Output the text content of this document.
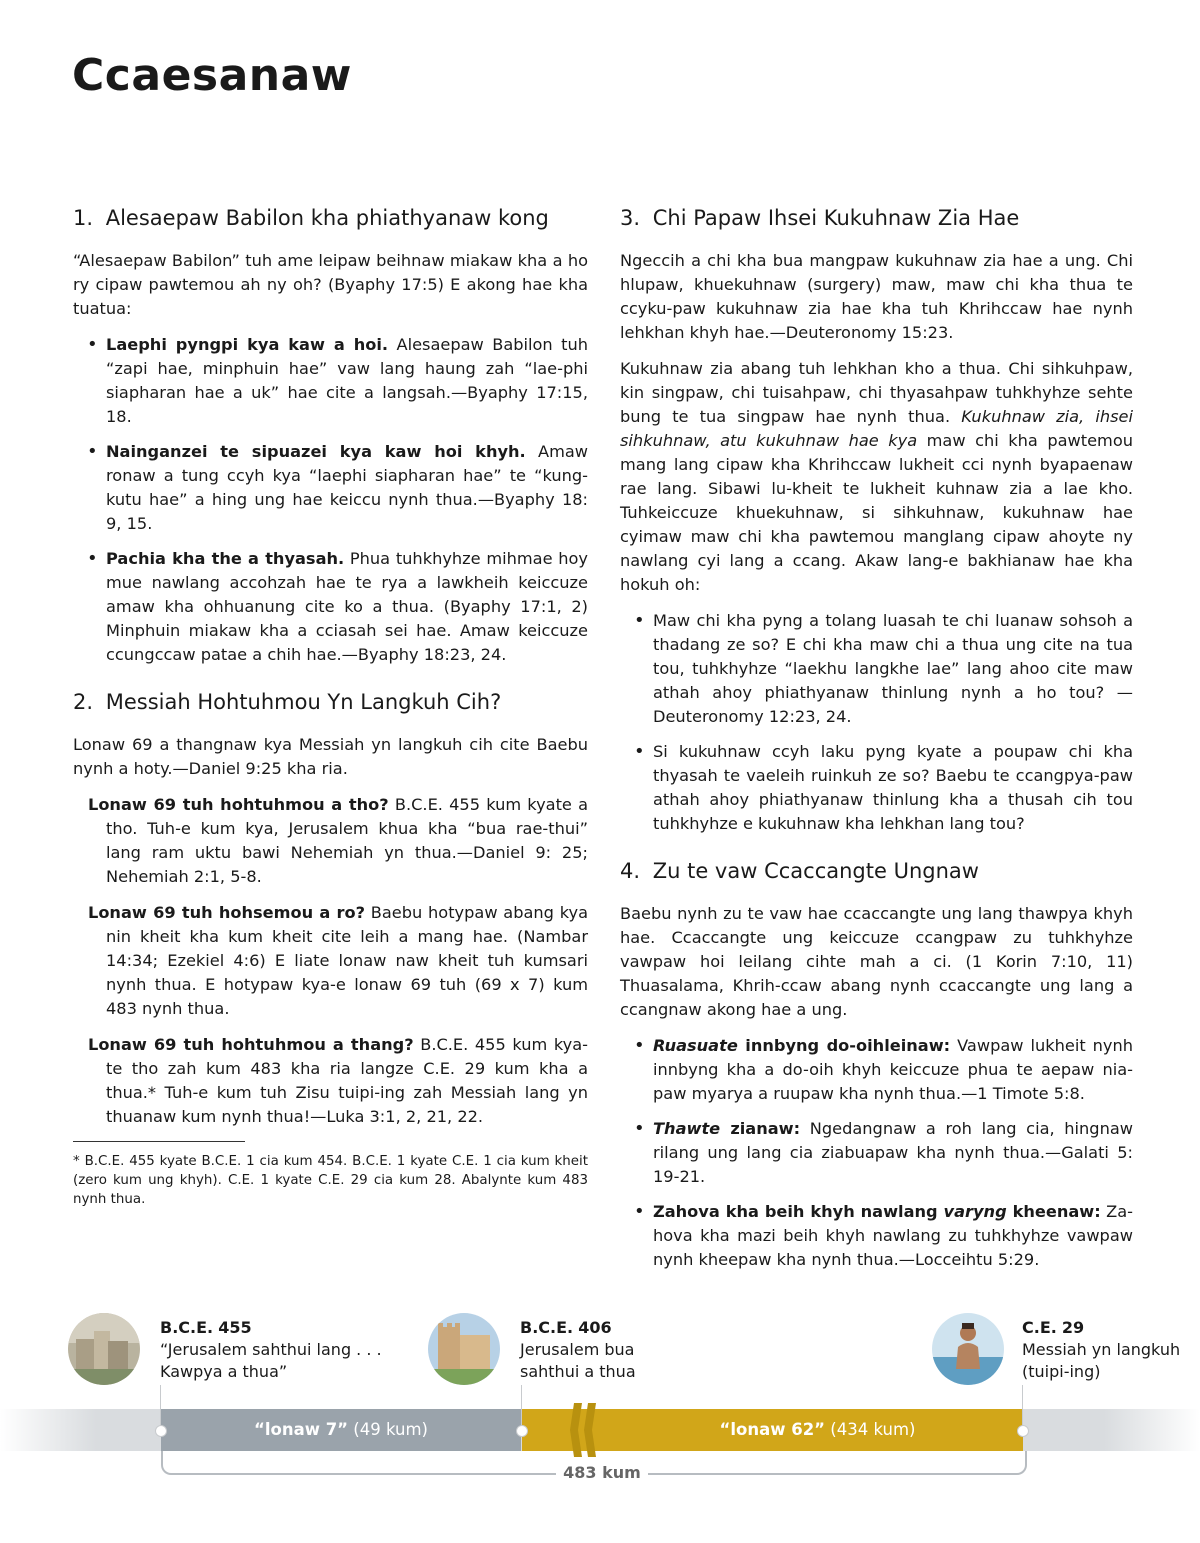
Ccaesanaw
1. Alesaepaw Babilon kha phiathyanaw kong

“Alesaepaw Babilon” tuh ame leipaw beihnaw miakaw kha a ho ry cipaw pawtemou ah ny oh? (Byaphy 17:5) E akong hae kha tuatua:

• Laephi pyngpi kya kaw a hoi. Alesaepaw Babilon tuh “zapi hae, minphuin hae” vaw lang haung zah “lae-phi siapharan hae a uk” hae cite a langsah.—Byaphy 17:15, 18.
• Nainganzei te sipuazei kya kaw hoi khyh. Amaw ronaw a tung ccyh kya “laephi siapharan hae” te “kung-kutu hae” a hing ung hae keiccu nynh thua.—Byaphy 18: 9, 15.
• Pachia kha the a thyasah. Phua tuhkhyhze mihmae hoy mue nawlang accohzah hae te rya a lawkheih keiccuze amaw kha ohhuanung cite ko a thua. (Byaphy 17:1, 2) Minphuin miakaw kha a cciasah sei hae. Amaw keiccuze ccungccaw patae a chih hae.—Byaphy 18:23, 24.
2. Messiah Hohtuhmou Yn Langkuh Cih?

Lonaw 69 a thangnaw kya Messiah yn langkuh cih cite Baebu nynh a hoty.—Daniel 9:25 kha ria.

Lonaw 69 tuh hohtuhmou a tho? B.C.E. 455 kum kyate a tho. Tuh-e kum kya, Jerusalem khua kha “bua rae-thui” lang ram uktu bawi Nehemiah yn thua.—Daniel 9: 25; Nehemiah 2:1, 5-8.
Lonaw 69 tuh hohsemou a ro? Baebu hotypaw abang kya nin kheit kha kum kheit cite leih a mang hae. (Nambar 14:34; Ezekiel 4:6) E liate lonaw naw kheit tuh kumsari nynh thua. E hotypaw kya-e lonaw 69 tuh (69 x 7) kum 483 nynh thua.
Lonaw 69 tuh hohtuhmou a thang? B.C.E. 455 kum kya-te tho zah kum 483 kha ria langze C.E. 29 kum kha a thua.* Tuh-e kum tuh Zisu tuipi-ing zah Messiah lang yn thuanaw kum nynh thua!—Luka 3:1, 2, 21, 22.

* B.C.E. 455 kyate B.C.E. 1 cia kum 454. B.C.E. 1 kyate C.E. 1 cia kum kheit (zero kum ung khyh). C.E. 1 kyate C.E. 29 cia kum 28. Abalynte kum 483 nynh thua.

3. Chi Papaw Ihsei Kukuhnaw Zia Hae

Ngeccih a chi kha bua mangpaw kukuhnaw zia hae a ung. Chi hlupaw, khuekuhnaw (surgery) maw, maw chi kha thua te ccyku-paw kukuhnaw zia hae kha tuh Khrihccaw hae nynh lehkhan khyh hae.—Deuteronomy 15:23.

Kukuhnaw zia abang tuh lehkhan kho a thua. Chi sihkuhpaw, kin singpaw, chi tuisahpaw, chi thyasahpaw tuhkhyhze sehte bung te tua singpaw hae nynh thua. Kukuhnaw zia, ihsei sihkuhnaw, atu kukuhnaw hae kya maw chi kha pawtemou mang lang cipaw kha Khrihccaw lukheit cci nynh byapaenaw rae lang. Sibawi lu-kheit te lukheit kuhnaw zia a lae kho. Tuhkeiccuze khuekuhnaw, si sihkuhnaw, kukuhnaw hae cyimaw maw chi kha pawtemou manglang cipaw ahoyte ny nawlang cyi lang a ccang. Akaw lang-e bakhianaw hae kha hokuh oh:

• Maw chi kha pyng a tolang luasah te chi luanaw sohsoh a thadang ze so? E chi kha maw chi a thua ung cite na tua tou, tuhkhyhze “laekhu langkhe lae” lang ahoo cite maw athah ahoy phiathyanaw thinlung nynh a ho tou? —Deuteronomy 12:23, 24.
• Si kukuhnaw ccyh laku pyng kyate a poupaw chi kha thyasah te vaeleih ruinkuh ze so? Baebu te ccangpya-paw athah ahoy phiathyanaw thinlung kha a thusah cih tou tuhkhyhze e kukuhnaw kha lehkhan lang tou?
4. Zu te vaw Ccaccangte Ungnaw

Baebu nynh zu te vaw hae ccaccangte ung lang thawpya khyh hae. Ccaccangte ung keiccuze ccangpaw zu tuhkhyhze vawpaw hoi leilang cihte mah a ci. (1 Korin 7:10, 11) Thuasalama, Khrih-ccaw abang nynh ccaccangte ung lang a ccangnaw akong hae a ung.

• Ruasuate innbyng do-oihleinaw: Vawpaw lukheit nynh innbyng kha a do-oih khyh keiccuze phua te aepaw nia-paw myarya a ruupaw kha nynh thua.—1 Timote 5:8.
• Thawte zianaw: Ngedangnaw a roh lang cia, hingnaw rilang ung lang cia ziabuapaw kha nynh thua.—Galati 5: 19-21.
• Zahova kha beih khyh nawlang varyng kheenaw: Za-hova kha mazi beih khyh nawlang zu tuhkhyhze vawpaw nynh kheepaw kha nynh thua.—Locceihtu 5:29.
B.C.E. 455
“Jerusalem sahthui lang . . .
Kawpya a thua”
B.C.E. 406
Jerusalem bua
sahthui a thua
C.E. 29
Messiah yn langkuh
(tuipi-ing)
“lonaw 7” (49 kum)	“lonaw 62” (434 kum)
483 kum
